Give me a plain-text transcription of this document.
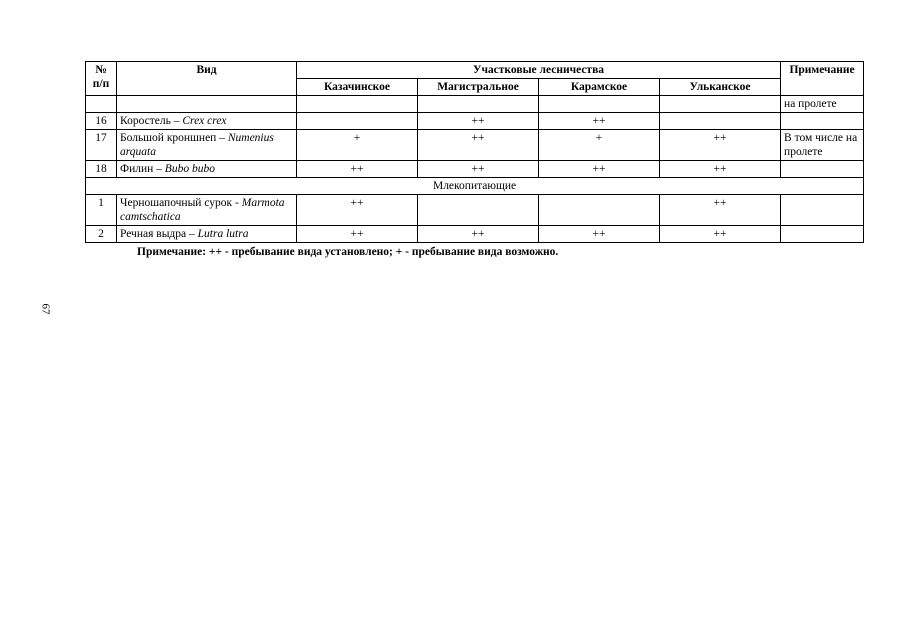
№ п/п	Вид	Участковые лесничества				Примечание
		Казачинское	Магистральное	Карамское	Ульканское	
						на пролете
16	Коростель – Crex crex		++	++		
17	Большой кроншнеп – Numenius arquata	+	++	+	++	В том числе на пролете
18	Филин – Bubo bubo	++	++	++	++	
Млекопитающие						
1	Черношапочный сурок - Marmota camtschatica	++			++	
2	Речная выдра – Lutra lutra	++	++	++	++	
Примечание: ++ - пребывание вида установлено; + - пребывание вида возможно.
67
